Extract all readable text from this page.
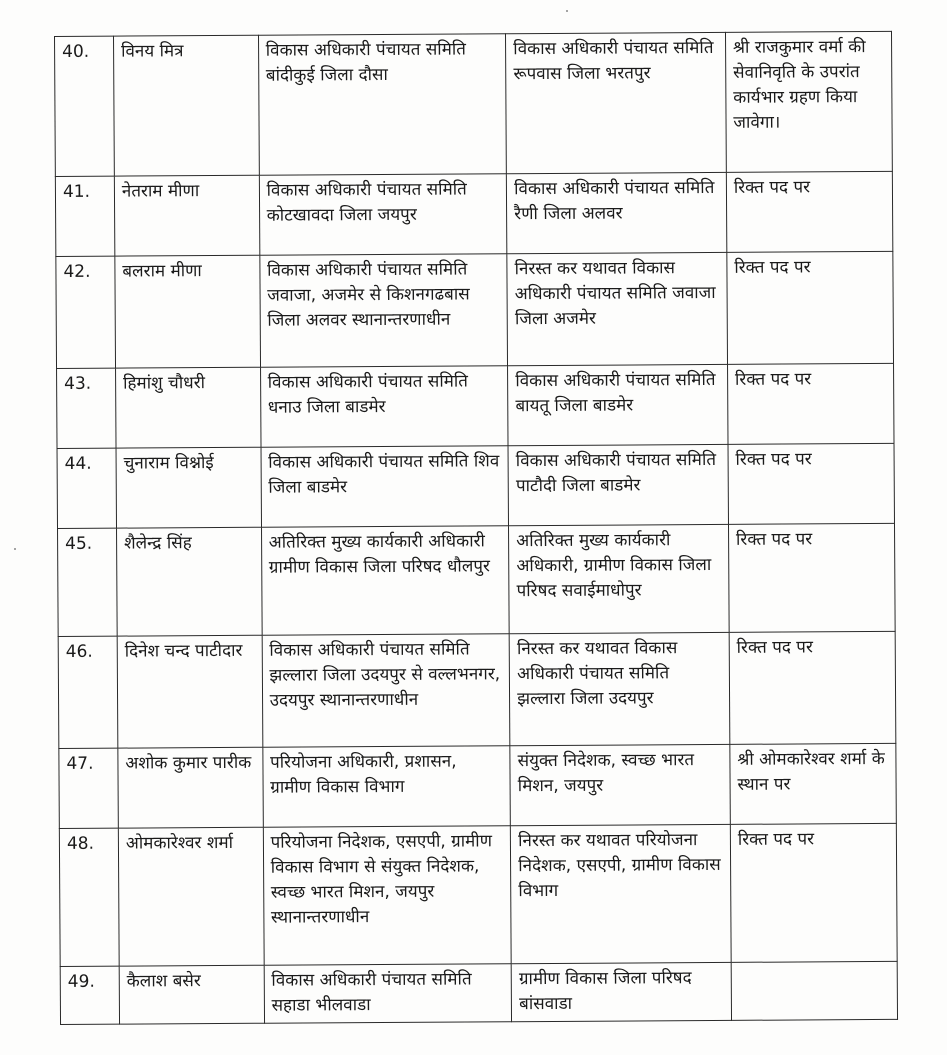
40.	विनय मित्र	विकास अधिकारी पंचायत समिति बांदीकुई जिला दौसा	विकास अधिकारी पंचायत समिति रूपवास जिला भरतपुर	श्री राजकुमार वर्मा की सेवानिवृति के उपरांत कार्यभार ग्रहण किया जावेगा।
41.	नेतराम मीणा	विकास अधिकारी पंचायत समिति कोटखावदा जिला जयपुर	विकास अधिकारी पंचायत समिति रैणी जिला अलवर	रिक्त पद पर
42.	बलराम मीणा	विकास अधिकारी पंचायत समिति जवाजा, अजमेर से किशनगढबास जिला अलवर स्थानान्तरणाधीन	निरस्त कर यथावत विकास अधिकारी पंचायत समिति जवाजा जिला अजमेर	रिक्त पद पर
43.	हिमांशु चौधरी	विकास अधिकारी पंचायत समिति धनाउ जिला बाडमेर	विकास अधिकारी पंचायत समिति बायतू जिला बाडमेर	रिक्त पद पर
44.	चुनाराम विश्नोई	विकास अधिकारी पंचायत समिति शिव जिला बाडमेर	विकास अधिकारी पंचायत समिति पाटौदी जिला बाडमेर	रिक्त पद पर
45.	शैलेन्द्र सिंह	अतिरिक्त मुख्य कार्यकारी अधिकारी ग्रामीण विकास जिला परिषद धौलपुर	अतिरिक्त मुख्य कार्यकारी अधिकारी, ग्रामीण विकास जिला परिषद सवाईमाधोपुर	रिक्त पद पर
46.	दिनेश चन्द पाटीदार	विकास अधिकारी पंचायत समिति झल्लारा जिला उदयपुर से वल्लभनगर, उदयपुर स्थानान्तरणाधीन	निरस्त कर यथावत विकास अधिकारी पंचायत समिति झल्लारा जिला उदयपुर	रिक्त पद पर
47.	अशोक कुमार पारीक	परियोजना अधिकारी, प्रशासन, ग्रामीण विकास विभाग	संयुक्त निदेशक, स्वच्छ भारत मिशन, जयपुर	श्री ओमकारेश्वर शर्मा के स्थान पर
48.	ओमकारेश्वर शर्मा	परियोजना निदेशक, एसएपी, ग्रामीण विकास विभाग से संयुक्त निदेशक, स्वच्छ भारत मिशन, जयपुर स्थानान्तरणाधीन	निरस्त कर यथावत परियोजना निदेशक, एसएपी, ग्रामीण विकास विभाग	रिक्त पद पर
49.	कैलाश बसेर	विकास अधिकारी पंचायत समिति सहाडा भीलवाडा	ग्रामीण विकास जिला परिषद बांसवाडा	
